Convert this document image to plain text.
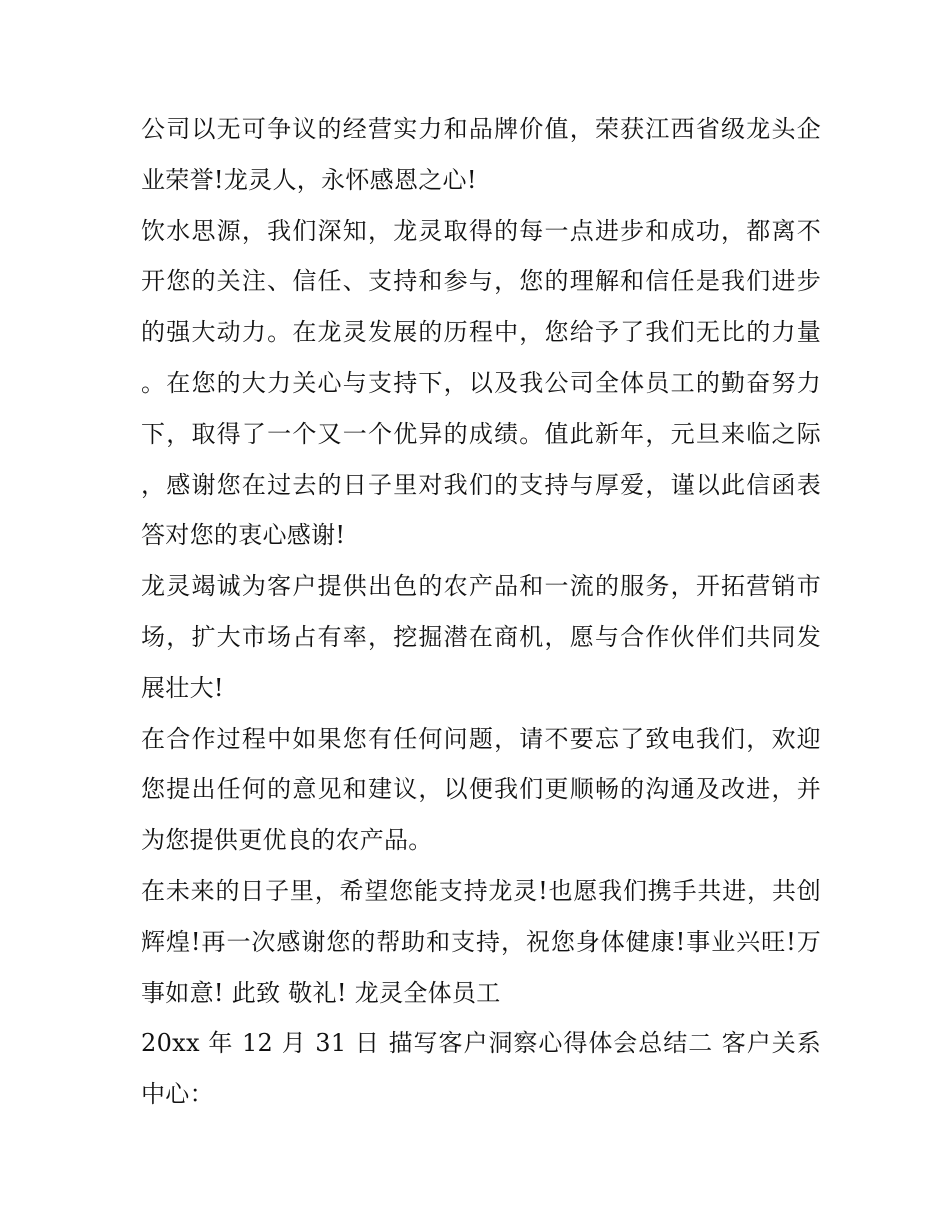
公司以无可争议的经营实力和品牌价值，荣获江西省级龙头企业荣誉!龙灵人，永怀感恩之心!

饮水思源，我们深知，龙灵取得的每一点进步和成功，都离不开您的关注、信任、支持和参与，您的理解和信任是我们进步的强大动力。在龙灵发展的历程中，您给予了我们无比的力量。在您的大力关心与支持下，以及我公司全体员工的勤奋努力下，取得了一个又一个优异的成绩。值此新年，元旦来临之际，感谢您在过去的日子里对我们的支持与厚爱，谨以此信函表答对您的衷心感谢!

龙灵竭诚为客户提供出色的农产品和一流的服务，开拓营销市场，扩大市场占有率，挖掘潜在商机，愿与合作伙伴们共同发展壮大!

在合作过程中如果您有任何问题，请不要忘了致电我们，欢迎您提出任何的意见和建议，以便我们更顺畅的沟通及改进，并为您提供更优良的农产品。

在未来的日子里，希望您能支持龙灵!也愿我们携手共进，共创辉煌!再一次感谢您的帮助和支持，祝您身体健康!事业兴旺!万事如意! 此致 敬礼! 龙灵全体员工

20xx 年 12 月 31 日 描写客户洞察心得体会总结二 客户关系中心：
